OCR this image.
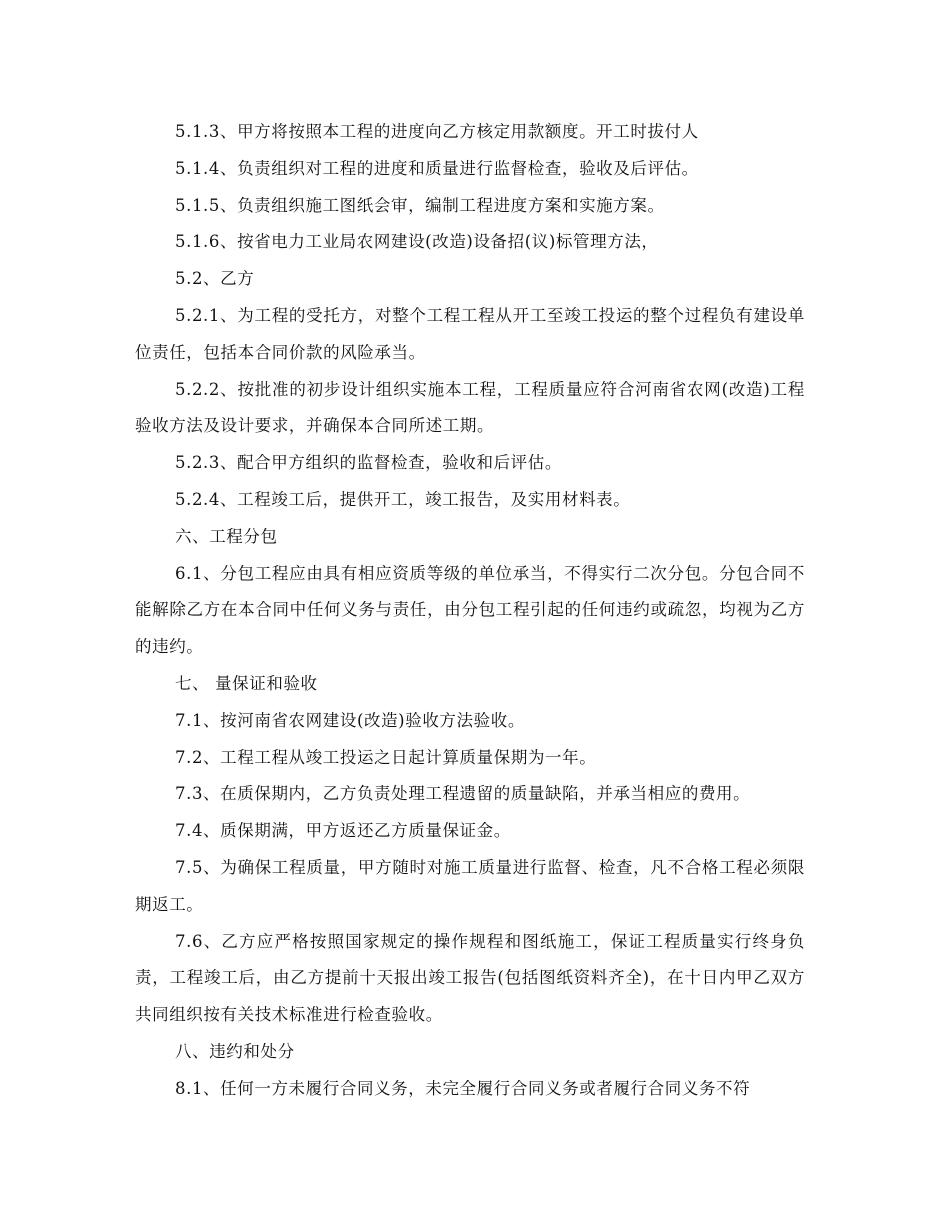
5.1.3、甲方将按照本工程的进度向乙方核定用款额度。开工时拔付人

5.1.4、负责组织对工程的进度和质量进行监督检查，验收及后评估。

5.1.5、负责组织施工图纸会审，编制工程进度方案和实施方案。

5.1.6、按省电力工业局农网建设(改造)设备招(议)标管理方法，

5.2、乙方

5.2.1、为工程的受托方，对整个工程工程从开工至竣工投运的整个过程负有建设单位责任，包括本合同价款的风险承当。

5.2.2、按批准的初步设计组织实施本工程，工程质量应符合河南省农网(改造)工程验收方法及设计要求，并确保本合同所述工期。

5.2.3、配合甲方组织的监督检查，验收和后评估。

5.2.4、工程竣工后，提供开工，竣工报告，及实用材料表。

六、工程分包

6.1、分包工程应由具有相应资质等级的单位承当，不得实行二次分包。分包合同不能解除乙方在本合同中任何义务与责任，由分包工程引起的任何违约或疏忽，均视为乙方的违约。

七、 量保证和验收

7.1、按河南省农网建设(改造)验收方法验收。

7.2、工程工程从竣工投运之日起计算质量保期为一年。

7.3、在质保期内，乙方负责处理工程遗留的质量缺陷，并承当相应的费用。

7.4、质保期满，甲方返还乙方质量保证金。

7.5、为确保工程质量，甲方随时对施工质量进行监督、检查，凡不合格工程必须限期返工。

7.6、乙方应严格按照国家规定的操作规程和图纸施工，保证工程质量实行终身负责，工程竣工后，由乙方提前十天报出竣工报告(包括图纸资料齐全)，在十日内甲乙双方共同组织按有关技术标准进行检查验收。

八、违约和处分

8.1、任何一方未履行合同义务，未完全履行合同义务或者履行合同义务不符
